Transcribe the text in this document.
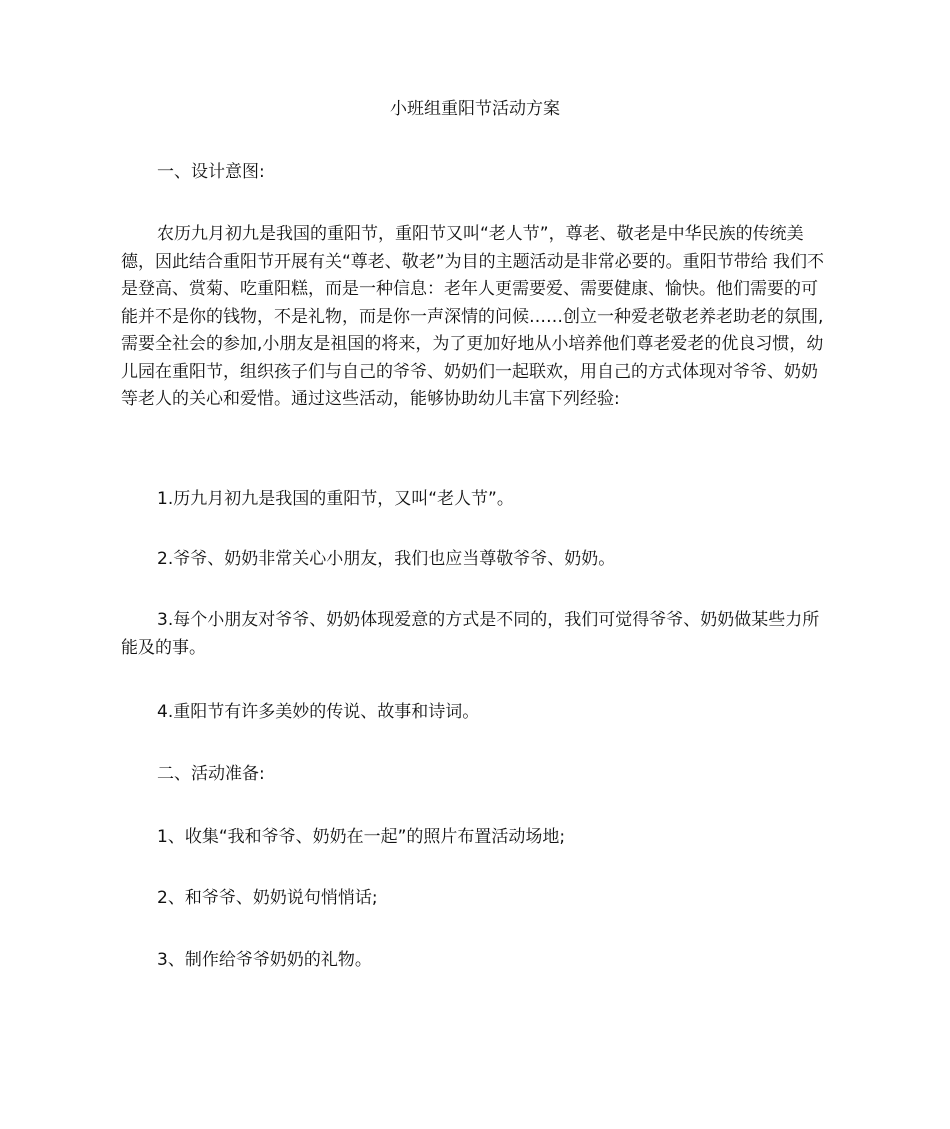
小班组重阳节活动方案
一、设计意图:

农历九月初九是我国的重阳节，重阳节又叫“老人节”，尊老、敬老是中华民族的传统美德，因此结合重阳节开展有关“尊老、敬老”为目的主题活动是非常必要的。重阳节带给 我们不是登高、赏菊、吃重阳糕，而是一种信息：老年人更需要爱、需要健康、愉快。他们需要的可能并不是你的钱物，不是礼物，而是你一声深情的问候……创立一种爱老敬老养老助老的氛围,需要全社会的参加,小朋友是祖国的将来，为了更加好地从小培养他们尊老爱老的优良习惯，幼儿园在重阳节，组织孩子们与自己的爷爷、奶奶们一起联欢，用自己的方式体现对爷爷、奶奶等老人的关心和爱惜。通过这些活动，能够协助幼儿丰富下列经验:

1.历九月初九是我国的重阳节，又叫“老人节”。

2.爷爷、奶奶非常关心小朋友，我们也应当尊敬爷爷、奶奶。

3.每个小朋友对爷爷、奶奶体现爱意的方式是不同的，我们可觉得爷爷、奶奶做某些力所能及的事。

4.重阳节有许多美妙的传说、故事和诗词。

二、活动准备:

1、收集“我和爷爷、奶奶在一起”的照片布置活动场地;

2、和爷爷、奶奶说句悄悄话;

3、制作给爷爷奶奶的礼物。
